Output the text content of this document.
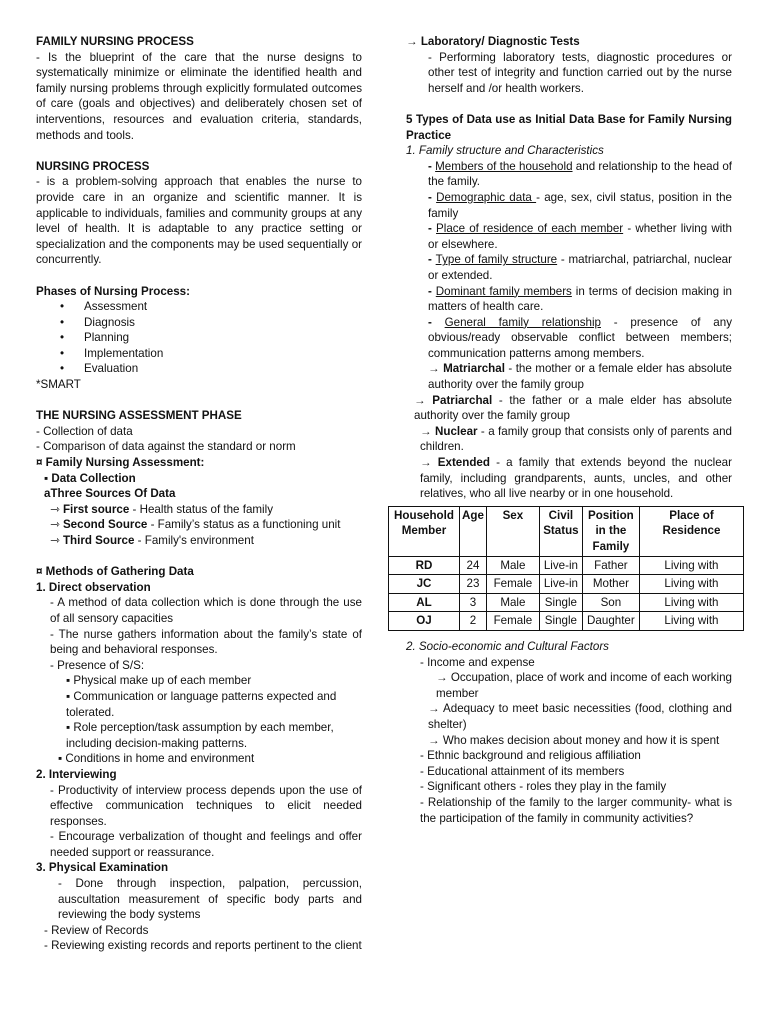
FAMILY NURSING PROCESS

- Is the blueprint of the care that the nurse designs to systematically minimize or eliminate the identified health and family nursing problems through explicitly formulated outcomes of care (goals and objectives) and deliberately chosen set of interventions, resources and evaluation criteria, standards, methods and tools.

NURSING PROCESS

- is a problem-solving approach that enables the nurse to provide care in an organize and scientific manner. It is applicable to individuals, families and community groups at any level of health. It is adaptable to any practice setting or specialization and the components may be used sequentially or concurrently.

Phases of Nursing Process:

• Assessment
• Diagnosis
• Planning
• Implementation
• Evaluation

*SMART

THE NURSING ASSESSMENT PHASE

- Collection of data

- Comparison of data against the standard or norm

¤ Family Nursing Assessment:

▪ Data Collection

aThree Sources Of Data

⇾ First source - Health status of the family

⇾ Second Source - Family’s status as a functioning unit

⇾ Third Source - Family's environment

¤ Methods of Gathering Data

1. Direct observation

- A method of data collection which is done through the use of all sensory capacities

- The nurse gathers information about the family’s state of being and behavioral responses.

- Presence of S/S:

▪ Physical make up of each member

▪ Communication or language patterns expected and tolerated.

▪ Role perception/task assumption by each member, including decision-making patterns.

▪ Conditions in home and environment

2. Interviewing

- Productivity of interview process depends upon the use of effective communication techniques to elicit needed responses.

- Encourage verbalization of thought and feelings and offer needed support or reassurance.

3. Physical Examination

- Done through inspection, palpation, percussion, auscultation measurement of specific body parts and reviewing the body systems

- Review of Records

- Reviewing existing records and reports pertinent to the client

→ Laboratory/ Diagnostic Tests

- Performing laboratory tests, diagnostic procedures or other test of integrity and function carried out by the nurse herself and /or health workers.

5 Types of Data use as Initial Data Base for Family Nursing Practice

1. Family structure and Characteristics

- Members of the household and relationship to the head of the family.

- Demographic data - age, sex, civil status, position in the family

- Place of residence of each member - whether living with or elsewhere.

- Type of family structure - matriarchal, patriarchal, nuclear or extended.

- Dominant family members in terms of decision making in matters of health care.

- General family relationship - presence of any obvious/ready observable conflict between members; communication patterns among members.

→ Matriarchal - the mother or a female elder has absolute authority over the family group

→ Patriarchal - the father or a male elder has absolute authority over the family group

→ Nuclear - a family group that consists only of parents and children.

→ Extended - a family that extends beyond the nuclear family, including grandparents, aunts, uncles, and other relatives, who all live nearby or in one household.

Household Member	Age	Sex	Civil Status	Position in the Family	Place of Residence
RD	24	Male	Live-in	Father	Living with
JC	23	Female	Live-in	Mother	Living with
AL	3	Male	Single	Son	Living with
OJ	2	Female	Single	Daughter	Living with

2. Socio-economic and Cultural Factors

- Income and expense

→ Occupation, place of work and income of each working member

→ Adequacy to meet basic necessities (food, clothing and shelter)

→ Who makes decision about money and how it is spent

- Ethnic background and religious affiliation

- Educational attainment of its members

- Significant others - roles they play in the family

- Relationship of the family to the larger community- what is the participation of the family in community activities?
